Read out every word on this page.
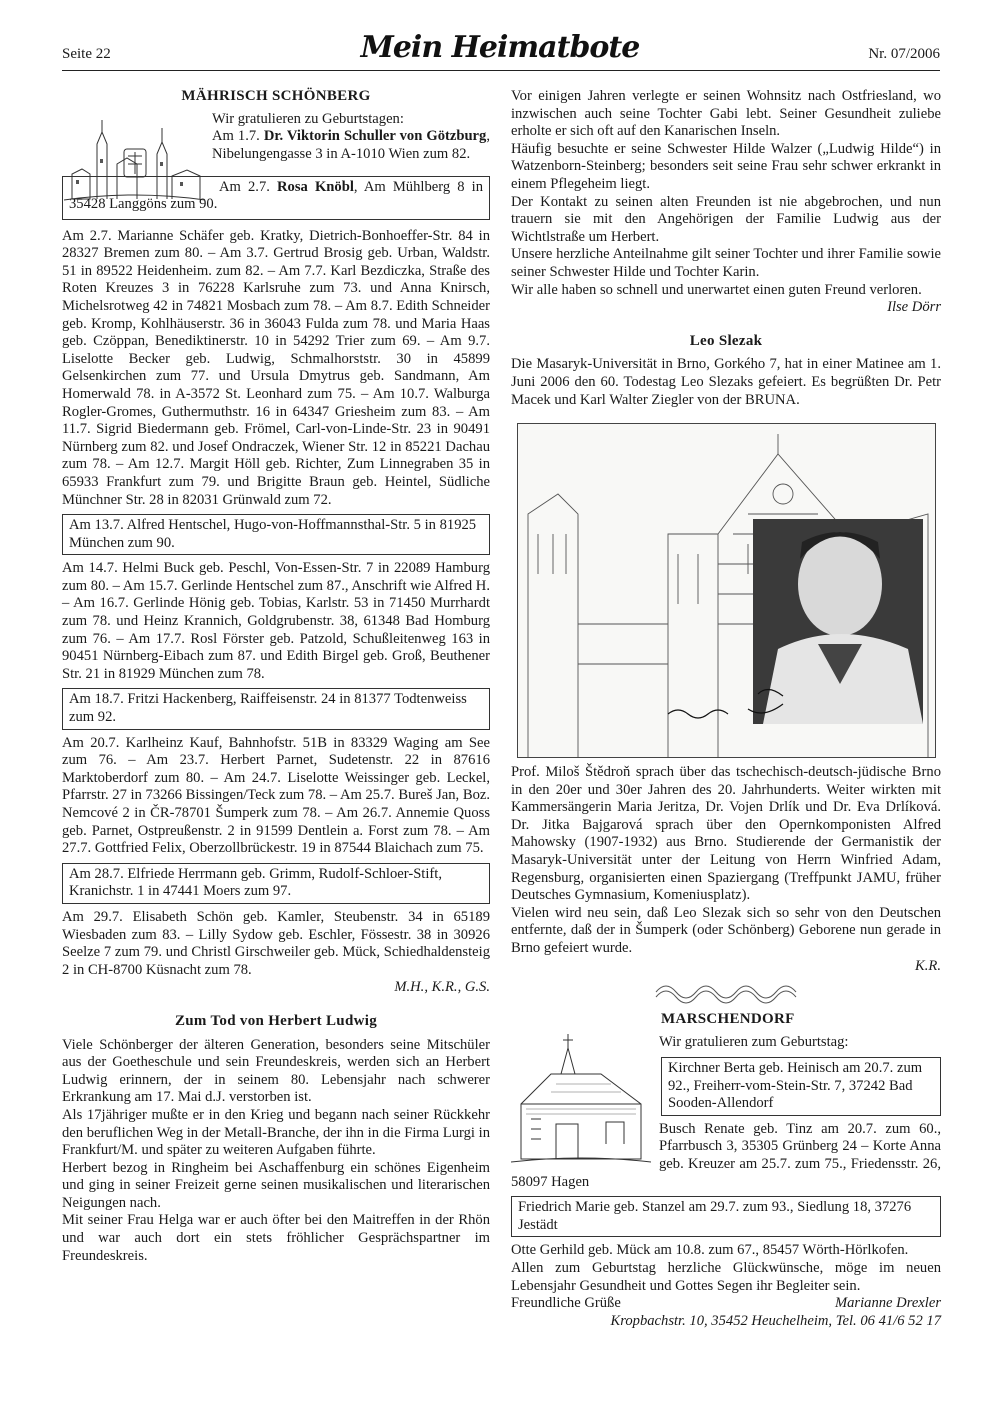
Seite 22	Mein Heimatbote	Nr. 07/2006
MÄHRISCH SCHÖNBERG

Wir gratulieren zu Geburtstagen:

Am 1.7. Dr. Viktorin Schuller von Götzburg, Nibelungengasse 3 in A-1010 Wien zum 82.

Am 2.7. Rosa Knöbl, Am Mühlberg 8 in 35428 Langgöns zum 90.

Am 2.7. Marianne Schäfer geb. Kratky, Dietrich-Bonhoeffer-Str. 84 in 28327 Bremen zum 80. – Am 3.7. Gertrud Brosig geb. Urban, Waldstr. 51 in 89522 Heidenheim. zum 82. – Am 7.7. Karl Bezdiczka, Straße des Roten Kreuzes 3 in 76228 Karlsruhe zum 73. und Anna Knirsch, Michelsrotweg 42 in 74821 Mosbach zum 78. – Am 8.7. Edith Schneider geb. Kromp, Kohlhäuserstr. 36 in 36043 Fulda zum 78. und Maria Haas geb. Czöppan, Benediktinerstr. 10 in 54292 Trier zum 69. – Am 9.7. Liselotte Becker geb. Ludwig, Schmalhorststr. 30 in 45899 Gelsenkirchen zum 77. und Ursula Dmytrus geb. Sandmann, Am Homerwald 78. in A-3572 St. Leonhard zum 75. – Am 10.7. Walburga Rogler-Gromes, Guthermuthstr. 16 in 64347 Griesheim zum 83. – Am 11.7. Sigrid Biedermann geb. Frömel, Carl-von-Linde-Str. 23 in 90491 Nürnberg zum 82. und Josef Ondraczek, Wiener Str. 12 in 85221 Dachau zum 78. – Am 12.7. Margit Höll geb. Richter, Zum Linnegraben 35 in 65933 Frankfurt zum 79. und Brigitte Braun geb. Heintel, Südliche Münchner Str. 28 in 82031 Grünwald zum 72.

Am 13.7. Alfred Hentschel, Hugo-von-Hoffmannsthal-Str. 5 in 81925 München zum 90.

Am 14.7. Helmi Buck geb. Peschl, Von-Essen-Str. 7 in 22089 Hamburg zum 80. – Am 15.7. Gerlinde Hentschel zum 87., Anschrift wie Alfred H. – Am 16.7. Gerlinde Hönig geb. Tobias, Karlstr. 53 in 71450 Murrhardt zum 78. und Heinz Krannich, Goldgrubenstr. 38, 61348 Bad Homburg zum 76. – Am 17.7. Rosl Förster geb. Patzold, Schußleitenweg 163 in 90451 Nürnberg-Eibach zum 87. und Edith Birgel geb. Groß, Beuthener Str. 21 in 81929 München zum 78.

Am 18.7. Fritzi Hackenberg, Raiffeisenstr. 24 in 81377 Todtenweiss zum 92.

Am 20.7. Karlheinz Kauf, Bahnhofstr. 51B in 83329 Waging am See zum 76. – Am 23.7. Herbert Parnet, Sudetenstr. 22 in 87616 Marktoberdorf zum 80. – Am 24.7. Liselotte Weissinger geb. Leckel, Pfarrstr. 27 in 73266 Bissingen/Teck zum 78. – Am 25.7. Bureš Jan, Boz. Nemcové 2 in ČR-78701 Šumperk zum 78. – Am 26.7. Annemie Quoss geb. Parnet, Ostpreußenstr. 2 in 91599 Dentlein a. Forst zum 78. – Am 27.7. Gottfried Felix, Oberzollbrückestr. 19 in 87544 Blaichach zum 75.

Am 28.7. Elfriede Herrmann geb. Grimm, Rudolf-Schloer-Stift, Kranichstr. 1 in 47441 Moers zum 97.

Am 29.7. Elisabeth Schön geb. Kamler, Steubenstr. 34 in 65189 Wiesbaden zum 83. – Lilly Sydow geb. Eschler, Fössestr. 38 in 30926 Seelze 7 zum 79. und Christl Girschweiler geb. Mück, Schiedhaldensteig 2 in CH-8700 Küsnacht zum 78.

M.H., K.R., G.S.

Zum Tod von Herbert Ludwig

Viele Schönberger der älteren Generation, besonders seine Mitschüler aus der Goetheschule und sein Freundeskreis, werden sich an Herbert Ludwig erinnern, der in seinem 80. Lebensjahr nach schwerer Erkrankung am 17. Mai d.J. verstorben ist.

Als 17jähriger mußte er in den Krieg und begann nach seiner Rückkehr den beruflichen Weg in der Metall-Branche, der ihn in die Firma Lurgi in Frankfurt/M. und später zu weiteren Aufgaben führte.

Herbert bezog in Ringheim bei Aschaffenburg ein schönes Eigenheim und ging in seiner Freizeit gerne seinen musikalischen und literarischen Neigungen nach.

Mit seiner Frau Helga war er auch öfter bei den Maitreffen in der Rhön und war auch dort ein stets fröhlicher Gesprächspartner im Freundeskreis.

Vor einigen Jahren verlegte er seinen Wohnsitz nach Ostfriesland, wo inzwischen auch seine Tochter Gabi lebt. Seiner Gesundheit zuliebe erholte er sich oft auf den Kanarischen Inseln.

Häufig besuchte er seine Schwester Hilde Walzer („Ludwig Hilde“) in Watzenborn-Steinberg; besonders seit seine Frau sehr schwer erkrankt in einem Pflegeheim liegt.

Der Kontakt zu seinen alten Freunden ist nie abgebrochen, und nun trauern sie mit den Angehörigen der Familie Ludwig aus der Wichtlstraße um Herbert.

Unsere herzliche Anteilnahme gilt seiner Tochter und ihrer Familie sowie seiner Schwester Hilde und Tochter Karin.

Wir alle haben so schnell und unerwartet einen guten Freund verloren.

Ilse Dörr

Leo Slezak

Die Masaryk-Universität in Brno, Gorkého 7, hat in einer Matinee am 1. Juni 2006 den 60. Todestag Leo Slezaks gefeiert. Es begrüßten Dr. Petr Macek und Karl Walter Ziegler von der BRUNA.

Prof. Miloš Štědroň sprach über das tschechisch-deutsch-jüdische Brno in den 20er und 30er Jahren des 20. Jahrhunderts. Weiter wirkten mit Kammersängerin Maria Jeritza, Dr. Vojen Drlík und Dr. Eva Drlíková. Dr. Jitka Bajgarová sprach über den Opernkomponisten Alfred Mahowsky (1907-1932) aus Brno. Studierende der Germanistik der Masaryk-Universität unter der Leitung von Herrn Winfried Adam, Regensburg, organisierten einen Spaziergang (Treffpunkt JAMU, früher Deutsches Gymnasium, Komeniusplatz).

Vielen wird neu sein, daß Leo Slezak sich so sehr von den Deutschen entfernte, daß der in Šumperk (oder Schönberg) Geborene nun gerade in Brno gefeiert wurde.

K.R.

MARSCHENDORF

Wir gratulieren zum Geburtstag:

Kirchner Berta geb. Heinisch am 20.7. zum 92., Freiherr-vom-Stein-Str. 7, 37242 Bad Sooden-Allendorf

Busch Renate geb. Tinz am 20.7. zum 60., Pfarrbusch 3, 35305 Grünberg 24 – Korte Anna geb. Kreuzer am 25.7. zum 75., Friedensstr. 26, 58097 Hagen

Friedrich Marie geb. Stanzel am 29.7. zum 93., Siedlung 18, 37276 Jestädt

Otte Gerhild geb. Mück am 10.8. zum 67., 85457 Wörth-Hörlkofen.

Allen zum Geburtstag herzliche Glückwünsche, möge im neuen Lebensjahr Gesundheit und Gottes Segen ihr Begleiter sein.

Freundliche Grüße	Marianne Drexler

Kropbachstr. 10, 35452 Heuchelheim, Tel. 06 41/6 52 17
